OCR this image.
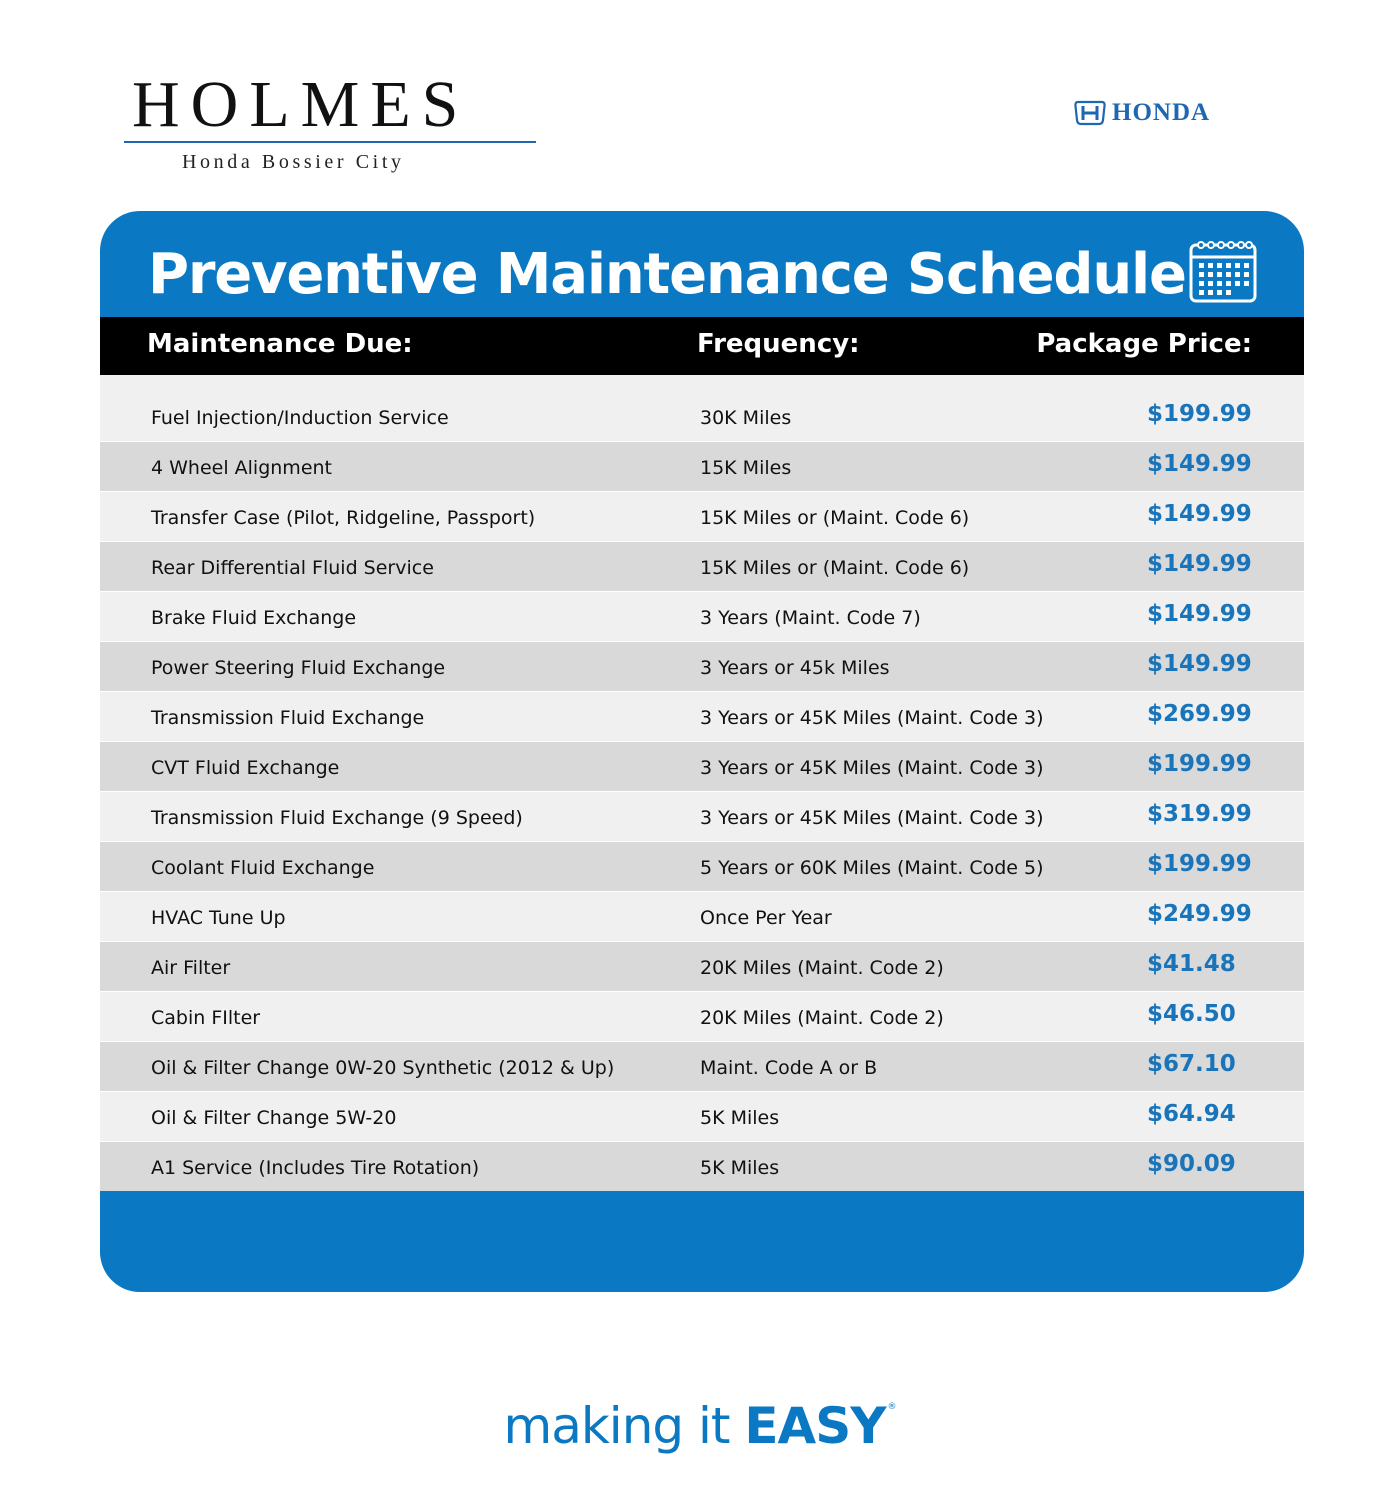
HOLMES
Honda Bossier City
HONDA
Preventive Maintenance Schedule
Maintenance Due:	Frequency:	Package Price:
Fuel Injection/Induction Service	30K Miles	$199.99
4 Wheel Alignment	15K Miles	$149.99
Transfer Case (Pilot, Ridgeline, Passport)	15K Miles or (Maint. Code 6)	$149.99
Rear Differential Fluid Service	15K Miles or (Maint. Code 6)	$149.99
Brake Fluid Exchange	3 Years (Maint. Code 7)	$149.99
Power Steering Fluid Exchange	3 Years or 45k Miles	$149.99
Transmission Fluid Exchange	3 Years or 45K Miles (Maint. Code 3)	$269.99
CVT Fluid Exchange	3 Years or 45K Miles (Maint. Code 3)	$199.99
Transmission Fluid Exchange (9 Speed)	3 Years or 45K Miles (Maint. Code 3)	$319.99
Coolant Fluid Exchange	5 Years or 60K Miles (Maint. Code 5)	$199.99
HVAC Tune Up	Once Per Year	$249.99
Air Filter	20K Miles (Maint. Code 2)	$41.48
Cabin FIlter	20K Miles (Maint. Code 2)	$46.50
Oil & Filter Change 0W-20 Synthetic (2012 & Up)	Maint. Code A or B	$67.10
Oil & Filter Change 5W-20	5K Miles	$64.94
A1 Service (Includes Tire Rotation)	5K Miles	$90.09
making it EASY ®
